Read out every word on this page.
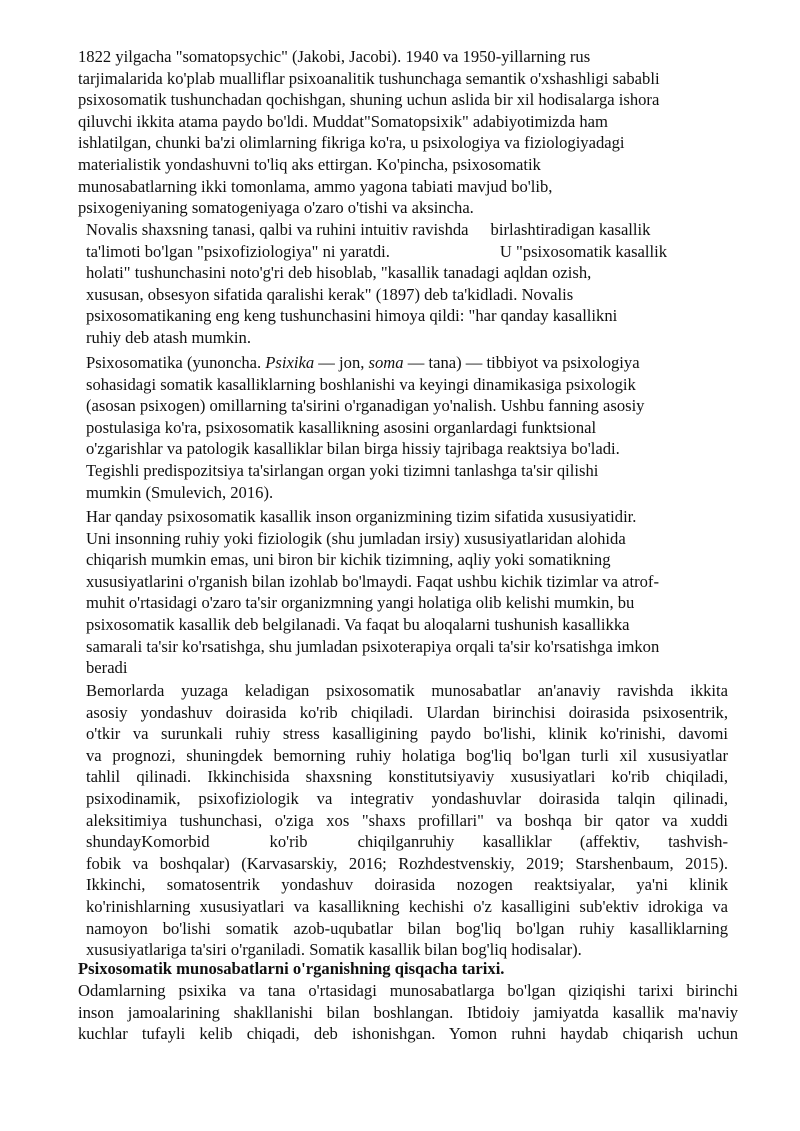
1822 yilgacha "somatopsychic" (Jakobi, Jacobi). 1940 va 1950-yillarning rus

tarjimalarida ko'plab mualliflar psixoanalitik tushunchaga semantik o'xshashligi sababli

psixosomatik tushunchadan qochishgan, shuning uchun aslida bir xil hodisalarga ishora

qiluvchi ikkita atama paydo bo'ldi. Muddat"Somatopsixik" adabiyotimizda ham

ishlatilgan, chunki ba'zi olimlarning fikriga ko'ra, u psixologiya va fiziologiyadagi

materialistik yondashuvni to'liq aks ettirgan. Ko'pincha, psixosomatik

munosabatlarning ikki tomonlama, ammo yagona tabiati mavjud bo'lib,

psixogeniyaning somatogeniyaga o'zaro o'tishi va aksincha.

Novalis shaxsning tanasi, qalbi va ruhini intuitiv ravishda birlashtiradigan kasallik

ta'limoti bo'lgan "psixofiziologiya" ni yaratdi.	U "psixosomatik kasallik

holati" tushunchasini noto'g'ri deb hisoblab, "kasallik tanadagi aqldan ozish,

xususan, obsesyon sifatida qaralishi kerak" (1897) deb ta'kidladi. Novalis

psixosomatikaning eng keng tushunchasini himoya qildi: "har qanday kasallikni

ruhiy deb atash mumkin.

Psixosomatika (yunoncha. Psixika — jon, soma — tana) — tibbiyot va psixologiya

sohasidagi somatik kasalliklarning boshlanishi va keyingi dinamikasiga psixologik

(asosan psixogen) omillarning ta'sirini o'rganadigan yo'nalish. Ushbu fanning asosiy

postulasiga ko'ra, psixosomatik kasallikning asosini organlardagi funktsional

o'zgarishlar va patologik kasalliklar bilan birga hissiy tajribaga reaktsiya bo'ladi.

Tegishli predispozitsiya ta'sirlangan organ yoki tizimni tanlashga ta'sir qilishi

mumkin (Smulevich, 2016).

Har qanday psixosomatik kasallik inson organizmining tizim sifatida xususiyatidir.

Uni insonning ruhiy yoki fiziologik (shu jumladan irsiy) xususiyatlaridan alohida

chiqarish mumkin emas, uni biron bir kichik tizimning, aqliy yoki somatikning

xususiyatlarini o'rganish bilan izohlab bo'lmaydi. Faqat ushbu kichik tizimlar va atrof-

muhit o'rtasidagi o'zaro ta'sir organizmning yangi holatiga olib kelishi mumkin, bu

psixosomatik kasallik deb belgilanadi. Va faqat bu aloqalarni tushunish kasallikka

samarali ta'sir ko'rsatishga, shu jumladan psixoterapiya orqali ta'sir ko'rsatishga imkon

beradi

Bemorlarda yuzaga keladigan psixosomatik munosabatlar an'anaviy ravishda ikkita

asosiy yondashuv doirasida ko'rib chiqiladi. Ulardan birinchisi doirasida psixosentrik,

o'tkir va surunkali ruhiy stress kasalligining paydo bo'lishi, klinik ko'rinishi, davomi

va prognozi, shuningdek bemorning ruhiy holatiga bog'liq bo'lgan turli xil xususiyatlar

tahlil qilinadi. Ikkinchisida shaxsning konstitutsiyaviy xususiyatlari ko'rib chiqiladi,

psixodinamik, psixofiziologik va integrativ yondashuvlar doirasida talqin qilinadi,

aleksitimiya tushunchasi, o'ziga xos "shaxs profillari" va boshqa bir qator va xuddi

shundayKomorbid	ko'rib	chiqilganruhiy kasalliklar (affektiv, tashvish-

fobik va boshqalar) (Karvasarskiy, 2016; Rozhdestvenskiy, 2019; Starshenbaum, 2015).

Ikkinchi, somatosentrik yondashuv doirasida nozogen reaktsiyalar, ya'ni klinik

ko'rinishlarning xususiyatlari va kasallikning kechishi o'z kasalligini sub'ektiv idrokiga va

namoyon bo'lishi somatik azob-uqubatlar bilan bog'liq bo'lgan ruhiy kasalliklarning

xususiyatlariga ta'siri o'rganiladi. Somatik kasallik bilan bog'liq hodisalar).

Psixosomatik munosabatlarni o'rganishning qisqacha tarixi.

Odamlarning psixika va tana o'rtasidagi munosabatlarga bo'lgan qiziqishi tarixi birinchi

inson jamoalarining shakllanishi bilan boshlangan. Ibtidoiy jamiyatda kasallik ma'naviy

kuchlar tufayli kelib chiqadi, deb ishonishgan. Yomon ruhni haydab chiqarish uchun
